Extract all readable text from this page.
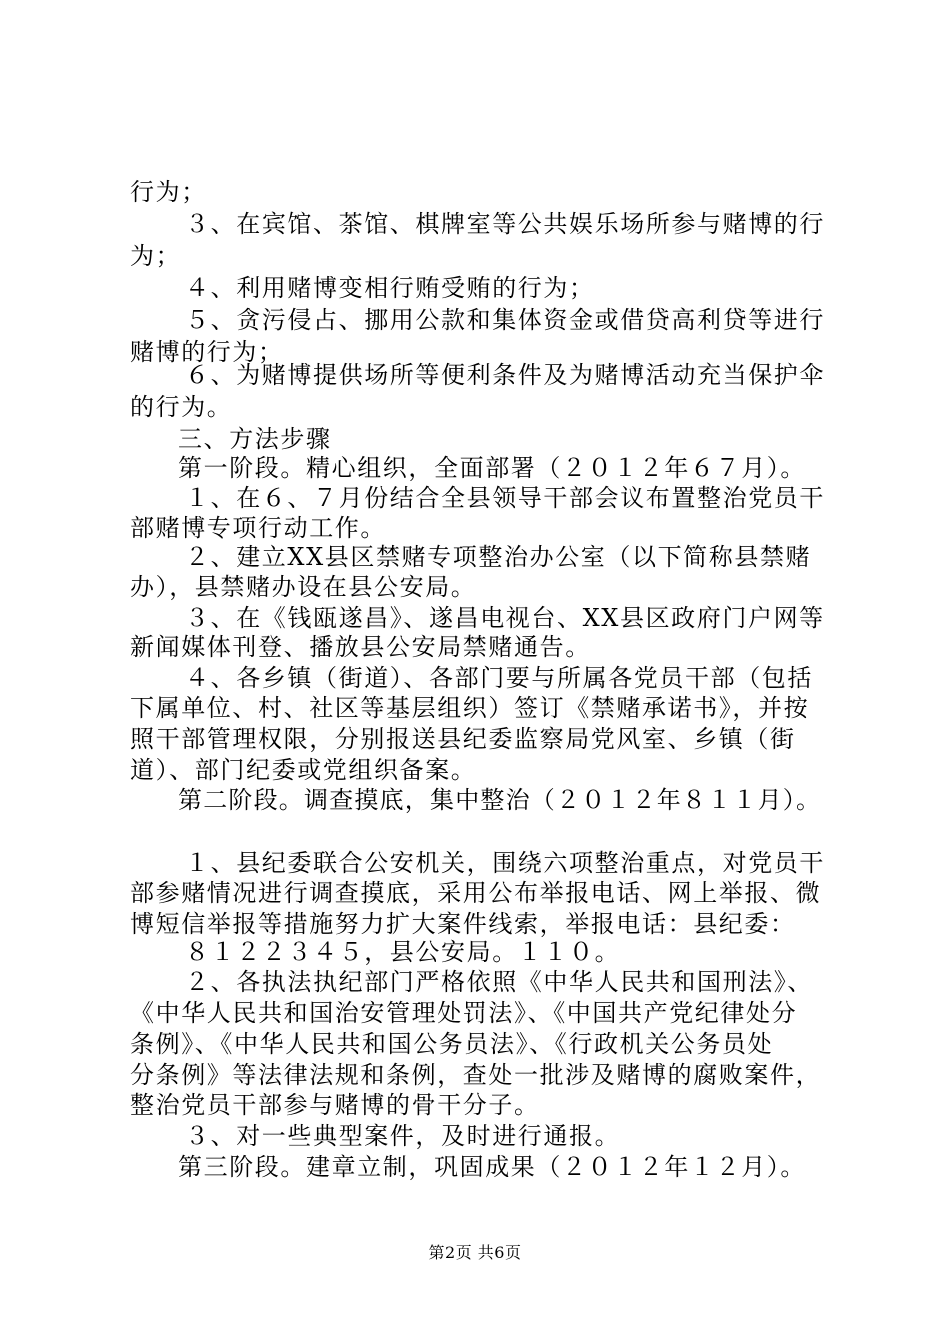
行为；
３、在宾馆、茶馆、棋牌室等公共娱乐场所参与赌博的行
为；
４、利用赌博变相行贿受贿的行为；
５、贪污侵占、挪用公款和集体资金或借贷高利贷等进行
赌博的行为；
６、为赌博提供场所等便利条件及为赌博活动充当保护伞
的行为。
三、方法步骤
第一阶段。精心组织，全面部署（２０１２年６７月）。
１、在６、７月份结合全县领导干部会议布置整治党员干
部赌博专项行动工作。
２、建立XX县区禁赌专项整治办公室（以下简称县禁赌
办），县禁赌办设在县公安局。
３、在《钱瓯遂昌》、遂昌电视台、XX县区政府门户网等
新闻媒体刊登、播放县公安局禁赌通告。
４、各乡镇（街道）、各部门要与所属各党员干部（包括
下属单位、村、社区等基层组织）签订《禁赌承诺书》，并按
照干部管理权限，分别报送县纪委监察局党风室、乡镇（街
道）、部门纪委或党组织备案。
第二阶段。调查摸底，集中整治（２０１２年８１１月）。
１、县纪委联合公安机关，围绕六项整治重点，对党员干
部参赌情况进行调查摸底，采用公布举报电话、网上举报、微
博短信举报等措施努力扩大案件线索，举报电话：县纪委：
８１２２３４５，县公安局。１１０。
２、各执法执纪部门严格依照《中华人民共和国刑法》、
《中华人民共和国治安管理处罚法》、《中国共产党纪律处分
条例》、《中华人民共和国公务员法》、《行政机关公务员处
分条例》等法律法规和条例，查处一批涉及赌博的腐败案件，
整治党员干部参与赌博的骨干分子。
３、对一些典型案件，及时进行通报。
第三阶段。建章立制，巩固成果（２０１２年１２月）。
第2页 共6页
